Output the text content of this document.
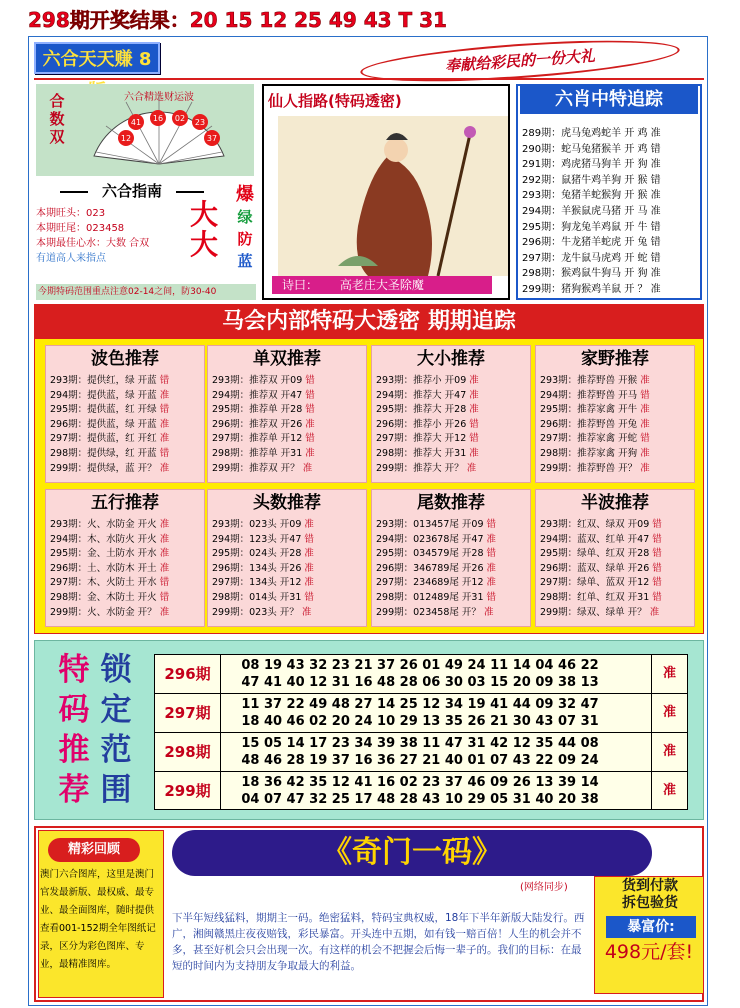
298期开奖结果：20 15 12 25 49 43 T 31
六合天天赚 8	奉献给彩民的一份大礼
合数双
六合精选财运波
41 16 02 23
12	37
六合指南
本期旺头：023
本期旺尾：023458
本期最佳心水：大数 合双
有道高人来指点
大大
爆
绿
防
蓝
今期特码范围重点注意02-14之间，防30-40
仙人指路(特码透密)
诗曰： 高老庄大圣除魔
六肖中特追踪
289期：虎马兔鸡蛇羊 开 鸡 准
290期：蛇马兔猪猴羊 开 鸡 错
291期：鸡虎猪马狗羊 开 狗 准
292期：鼠猪牛鸡羊狗 开 猴 错
293期：兔猪羊蛇猴狗 开 猴 准
294期：羊猴鼠虎马猪 开 马 准
295期：狗龙兔羊鸡鼠 开 牛 错
296期：牛龙猪羊蛇虎 开 兔 错
297期：龙牛鼠马虎鸡 开 蛇 错
298期：猴鸡鼠牛狗马 开 狗 准
299期：猪狗猴鸡羊鼠 开 ？ 准
马会内部特码大透密 期期追踪
波色推荐
293期：提供红，绿 开蓝 错
294期：提供蓝，绿 开蓝 准
295期：提供蓝，红 开绿 错
296期：提供蓝，绿 开蓝 准
297期：提供蓝，红 开红 准
298期：提供绿，红 开蓝 错
299期：提供绿，蓝 开？ 准
单双推荐
293期：推荐双 开09 错
294期：推荐双 开47 错
295期：推荐单 开28 错
296期：推荐双 开26 准
297期：推荐单 开12 错
298期：推荐单 开31 准
299期：推荐双 开？ 准
大小推荐
293期：推荐小 开09 准
294期：推荐大 开47 准
295期：推荐大 开28 准
296期：推荐小 开26 错
297期：推荐大 开12 错
298期：推荐大 开31 准
299期：推荐大 开？ 准
家野推荐
293期：推荐野兽 开猴 准
294期：推荐野兽 开马 错
295期：推荐家禽 开牛 准
296期：推荐野兽 开兔 准
297期：推荐家禽 开蛇 错
298期：推荐家禽 开狗 准
299期：推荐野兽 开？ 准
五行推荐
293期：火、水防金 开火 准
294期：木、水防火 开火 准
295期：金、土防水 开水 准
296期：土、水防木 开土 准
297期：木、火防土 开水 错
298期：金、木防土 开火 错
299期：火、水防金 开？ 准
头数推荐
293期：023头 开09 准
294期：123头 开47 错
295期：024头 开28 准
296期：134头 开26 准
297期：134头 开12 准
298期：014头 开31 错
299期：023头 开？ 准
尾数推荐
293期：013457尾 开09 错
294期：023678尾 开47 准
295期：034579尾 开28 错
296期：346789尾 开26 准
297期：234689尾 开12 准
298期：012489尾 开31 错
299期：023458尾 开？ 准
半波推荐
293期：红双、绿双 开09 错
294期：蓝双、红单 开47 错
295期：绿单、红双 开28 错
296期：蓝双、绿单 开26 错
297期：绿单、蓝双 开12 错
298期：红单、红双 开31 错
299期：绿双、绿单 开？ 准
特
码
推
荐
锁
定
范
围
296期	08 19 43 32 23 21 37 26 01 49 24 11 14 04 46 22
47 41 40 12 31 16 48 28 06 30 03 15 20 09 38 13
准
297期	11 37 22 49 48 27 14 25 12 34 19 41 44 09 32 47
18 40 46 02 20 24 10 29 13 35 26 21 30 43 07 31
准
298期	15 05 14 17 23 34 39 38 11 47 31 42 12 35 44 08
48 46 28 19 37 16 36 27 21 40 01 07 43 22 09 24
准
299期	18 36 42 35 12 41 16 02 23 37 46 09 26 13 39 14
04 07 47 32 25 17 48 28 43 10 29 05 31 40 20 38
准
精彩回顾
澳门六合图库，这里是澳门官发最新版、最权威、最专业、最全面图库，随时提供查看001-152期全年图纸记录，区分为彩色图库、专业，最精准图库。
《奇门一码》
(网络同步)
下半年短线猛料，期期主一码。绝密猛料，特码宝典权威，18年下半年新版大陆发行。西广，湘闽赣黑庄夜夜赔钱，彩民暴富。开头连中五期，如有钱一赔百倍！人生的机会并不多，甚至好机会只会出现一次。有这样的机会不把握会后悔一辈子的。我们的目标：在最短的时间内为支持朋友争取最大的利益。
货到付款
拆包验货
暴富价:
498元/套!
